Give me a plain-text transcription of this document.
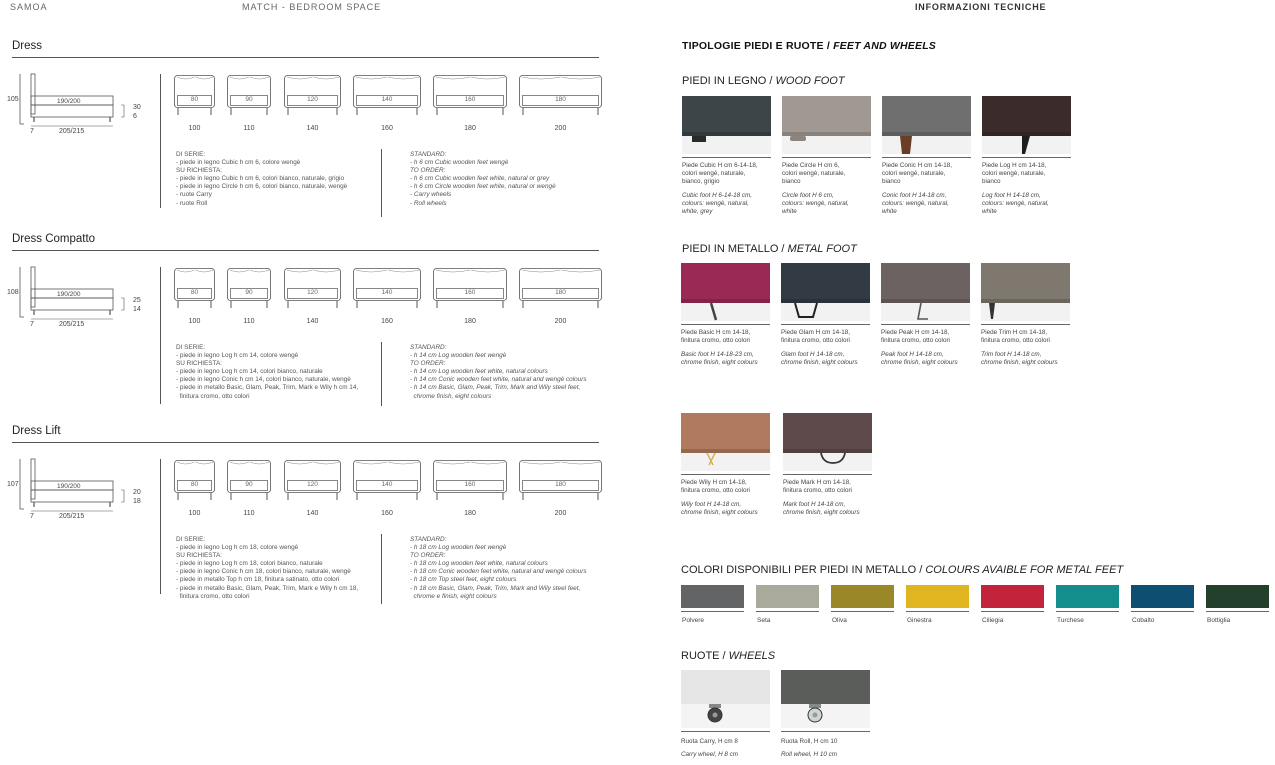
SAMOA	MATCH - BEDROOM SPACE	INFORMAZIONI TECNICHE
Dress
105	190/200
205/215
7
30
6
80
100
90
110
120
140
140
160
160
180
180
200
DI SERIE:
- piede in legno Cubic h cm 6, colore wengè
SU RICHIESTA:
- piede in legno Cubic h cm 6, colori bianco, naturale, grigio
- piede in legno Circle h cm 6, colori bianco, naturale, wengè
- ruote Carry
- ruote Roll
STANDARD:
- h 6 cm Cubic wooden feet wengè
TO ORDER:
- h 6 cm Cubic wooden feet white, natural or grey
- h 6 cm Circle wooden feet white, natural or wengè
- Carry wheels
- Roll wheels
Dress Compatto
108	190/200
205/215
7
25
14
80
100
90
110
120
140
140
160
160
180
180
200
DI SERIE:
- piede in legno Log h cm 14, colore wengè
SU RICHIESTA:
- piede in legno Log h cm 14, colori bianco, naturale
- piede in legno Conic h cm 14, colori bianco, naturale, wengè
- piede in metallo Basic, Glam, Peak, Trim, Mark e Wily h cm 14,
finitura cromo, otto colori
STANDARD:
- h 14 cm Log wooden feet wengè
TO ORDER:
- h 14 cm Log wooden feet white, natural colours
- h 14 cm Conic wooden feet white, natural and wengè colours
- h 14 cm Basic, Glam, Peak, Trim, Mark and Wily steel feet,
chrome finish, eight colours
Dress Lift
107	190/200
205/215
7
20
18
80
100
90
110
120
140
140
160
160
180
180
200
DI SERIE:
- piede in legno Log h cm 18, colore wengè
SU RICHIESTA:
- piede in legno Log h cm 18, colori bianco, naturale
- piede in legno Conic h cm 18, colori bianco, naturale, wengè
- piede in metallo Top h cm 18, finitura satinato, otto colori
- piede in metallo Basic, Glam, Peak, Trim, Mark e Wily h cm 18,
finitura cromo, otto colori
STANDARD:
- h 18 cm Log wooden feet wengè
TO ORDER:
- h 18 cm Log wooden feet white, natural colours
- h 18 cm Conic wooden feet white, natural and wengè colours
- h 18 cm Top steel feet, eight colours
- h 18 cm Basic, Glam, Peak, Trim, Mark and Wily steel feet,
chrome e finish, eight colours
TIPOLOGIE PIEDI E RUOTE / FEET AND WHEELS
PIEDI IN LEGNO / WOOD FOOT
Piede Cubic H cm 6-14-18,
colori wengè, naturale,
bianco, grigio
Cubic foot H 6-14-18 cm,
colours: wengè, natural,
white, grey
Piede Circle H cm 6,
colori wengè, naturale,
bianco
Circle foot H 6 cm,
colours: wengè, natural,
white
Piede Conic H cm 14-18,
colori wengè, naturale,
bianco
Conic foot H 14-18 cm,
colours: wengè, natural,
white
Piede Log H cm 14-18,
colori wengè, naturale,
bianco
Log foot H 14-18 cm,
colours: wengè, natural,
white
PIEDI IN METALLO / METAL FOOT
Piede Basic H cm 14-18,
finitura cromo, otto colori
Basic foot H 14-18-23 cm,
chrome finish, eight colours
Piede Glam H cm 14-18,
finitura cromo, otto colori
Glam foot H 14-18 cm,
chrome finish, eight colours
Piede Peak H cm 14-18,
finitura cromo, otto colori
Peak foot H 14-18 cm,
chrome finish, eight colours
Piede Trim H cm 14-18,
finitura cromo, otto colori
Trim foot H 14-18 cm,
chrome finish, eight colours
Piede Wily H cm 14-18,
finitura cromo, otto colori
Wily foot H 14-18 cm,
chrome finish, eight colours
Piede Mark H cm 14-18,
finitura cromo, otto colori
Mark foot H 14-18 cm,
chrome finish, eight colours
COLORI DISPONIBILI PER PIEDI IN METALLO / COLOURS AVAIBLE FOR METAL FEET
Polvere	Seta	Oliva	Ginestra	Ciliegia	Turchese	Cobalto	Bottiglia
RUOTE / WHEELS
Ruota Carry, H cm 8
Carry wheel, H 8 cm
Ruota Roll, H cm 10
Roll wheel, H 10 cm
